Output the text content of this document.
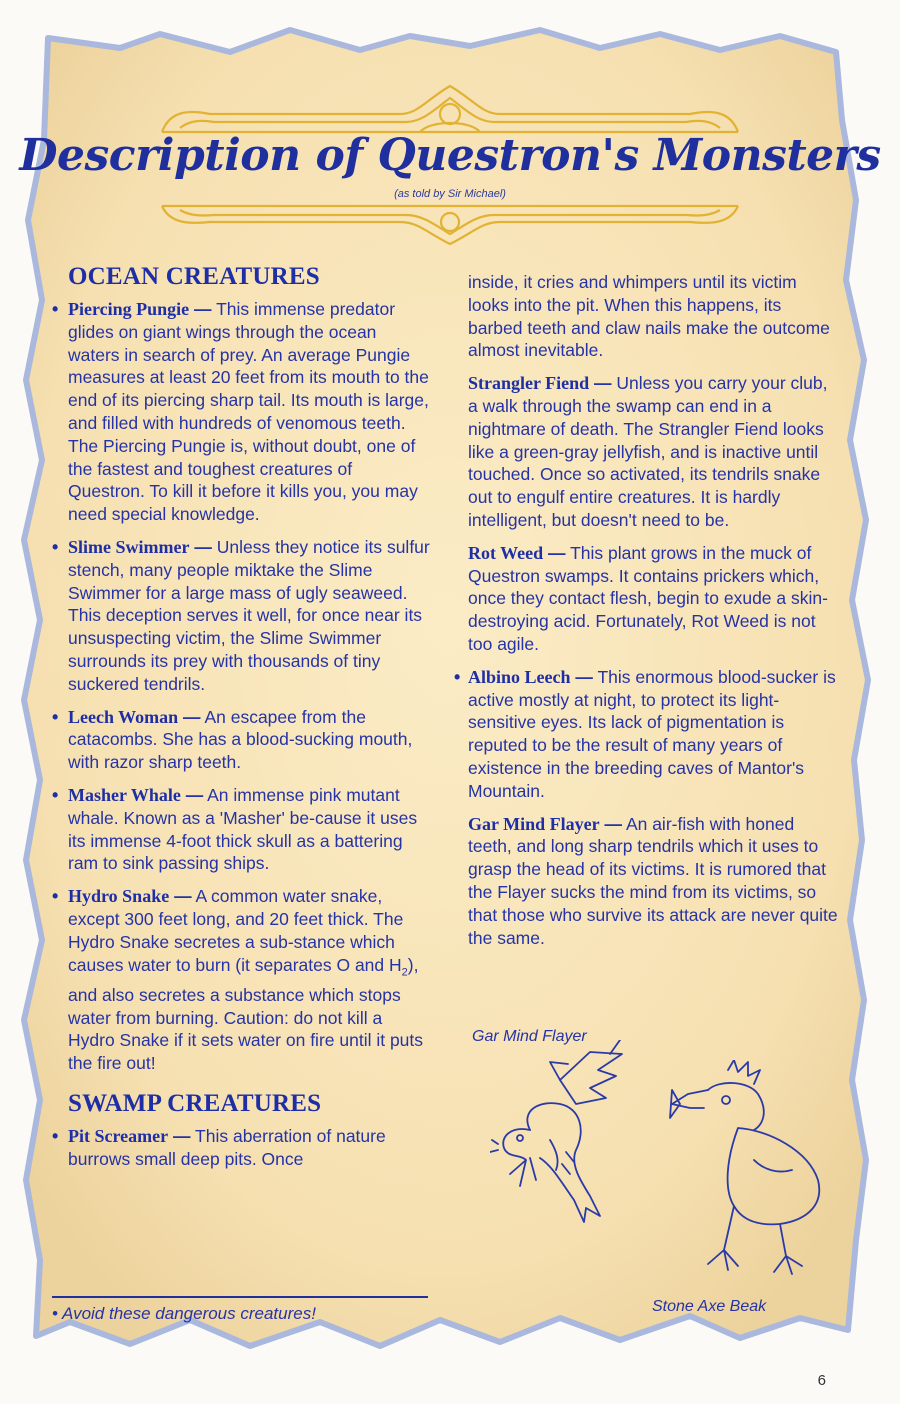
Description of Questron's Monsters
(as told by Sir Michael)
OCEAN CREATURES
• Piercing Pungie — This immense predator glides on giant wings through the ocean waters in search of prey. An average Pungie measures at least 20 feet from its mouth to the end of its piercing sharp tail. Its mouth is large, and filled with hundreds of venomous teeth. The Piercing Pungie is, without doubt, one of the fastest and toughest creatures of Questron. To kill it before it kills you, you may need special knowledge.
• Slime Swimmer — Unless they notice its sulfur stench, many people miktake the Slime Swimmer for a large mass of ugly seaweed. This deception serves it well, for once near its unsuspecting victim, the Slime Swimmer surrounds its prey with thousands of tiny suckered tendrils.
• Leech Woman — An escapee from the catacombs. She has a blood-sucking mouth, with razor sharp teeth.
• Masher Whale — An immense pink mutant whale. Known as a 'Masher' be-cause it uses its immense 4-foot thick skull as a battering ram to sink passing ships.
• Hydro Snake — A common water snake, except 300 feet long, and 20 feet thick. The Hydro Snake secretes a sub-stance which causes water to burn (it separates O and $H_2$), and also secretes a substance which stops water from burning. Caution: do not kill a Hydro Snake if it sets water on fire until it puts the fire out!
SWAMP CREATURES
• Pit Screamer — This aberration of nature burrows small deep pits. Once
• Avoid these dangerous creatures!
inside, it cries and whimpers until its victim looks into the pit. When this happens, its barbed teeth and claw nails make the outcome almost inevitable.
Strangler Fiend — Unless you carry your club, a walk through the swamp can end in a nightmare of death. The Strangler Fiend looks like a green-gray jellyfish, and is inactive until touched. Once so activated, its tendrils snake out to engulf entire creatures. It is hardly intelligent, but doesn't need to be.
Rot Weed — This plant grows in the muck of Questron swamps. It contains prickers which, once they contact flesh, begin to exude a skin-destroying acid. Fortunately, Rot Weed is not too agile.
• Albino Leech — This enormous blood-sucker is active mostly at night, to protect its light-sensitive eyes. Its lack of pigmentation is reputed to be the result of many years of existence in the breeding caves of Mantor's Mountain.
Gar Mind Flayer — An air-fish with honed teeth, and long sharp tendrils which it uses to grasp the head of its victims. It is rumored that the Flayer sucks the mind from its victims, so that those who survive its attack are never quite the same.
Gar Mind Flayer
Stone Axe Beak
6
